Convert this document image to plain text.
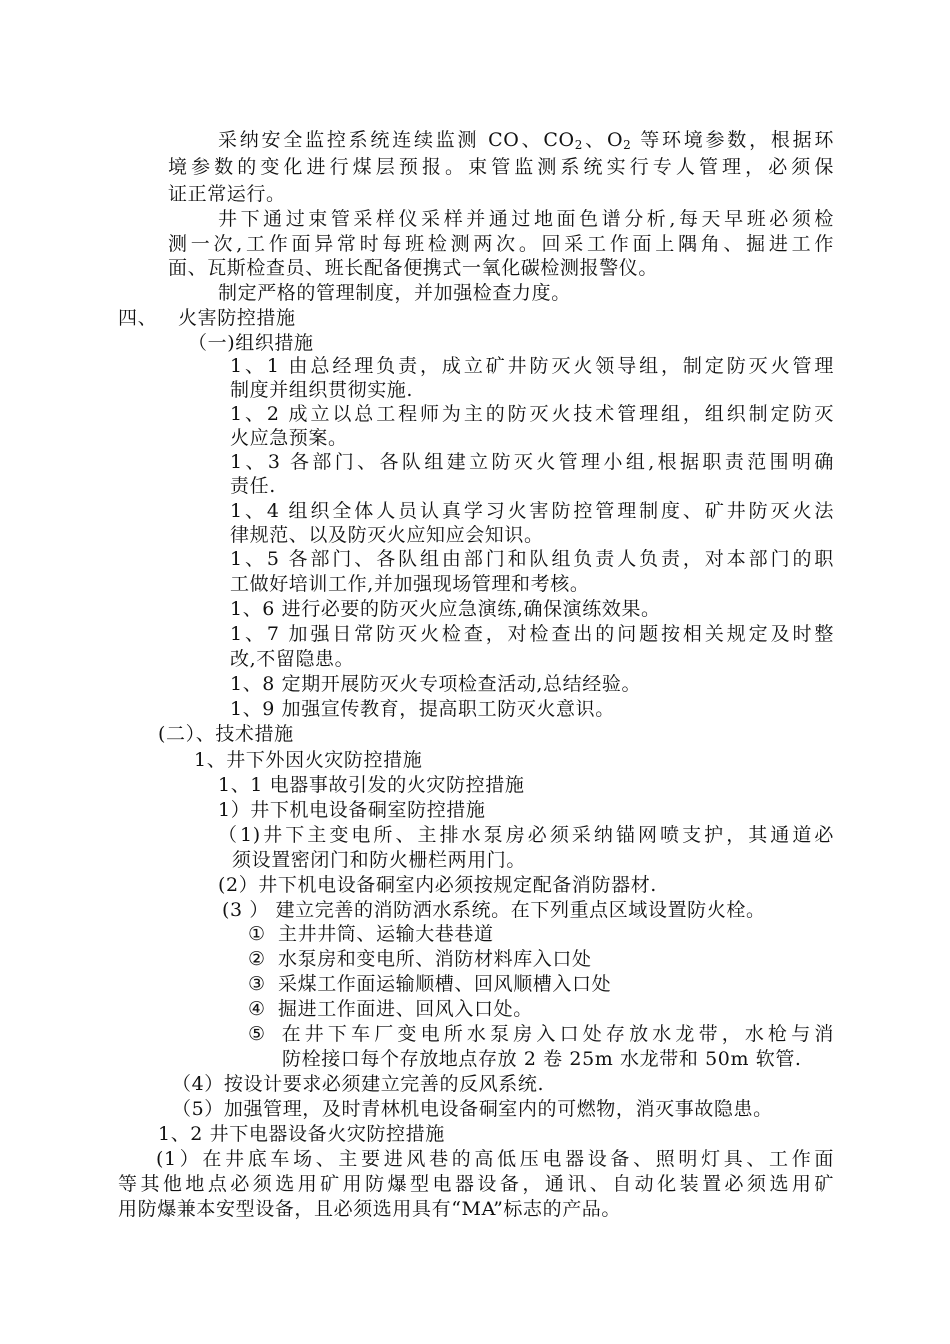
采纳安全监控系统连续监测 CO、$CO_2$、$O_2$ 等环境参数，根据环
境参数的变化进行煤层预报。束管监测系统实行专人管理，必须保
证正常运行。
井下通过束管采样仪采样并通过地面色谱分析,每天早班必须检
测一次,工作面异常时每班检测两次。回采工作面上隅角、掘进工作
面、瓦斯检查员、班长配备便携式一氧化碳检测报警仪。
制定严格的管理制度，并加强检查力度。
四、 火害防控措施
（一)组织措施
1、1 由总经理负责，成立矿井防灭火领导组，制定防灭火管理
制度并组织贯彻实施.
1、2 成立以总工程师为主的防灭火技术管理组，组织制定防灭
火应急预案。
1、3 各部门、各队组建立防灭火管理小组,根据职责范围明确
责任.
1、4 组织全体人员认真学习火害防控管理制度、矿井防灭火法
律规范、以及防灭火应知应会知识。
1、5 各部门、各队组由部门和队组负责人负责，对本部门的职
工做好培训工作,并加强现场管理和考核。
1、6 进行必要的防灭火应急演练,确保演练效果。
1、7 加强日常防灭火检查，对检查出的问题按相关规定及时整
改,不留隐患。
1、8 定期开展防灭火专项检查活动,总结经验。
1、9 加强宣传教育，提高职工防灭火意识。
(二）、技术措施
1、井下外因火灾防控措施
1、1 电器事故引发的火灾防控措施
1）井下机电设备硐室防控措施
（1)井下主变电所、主排水泵房必须采纳锚网喷支护，其通道必
须设置密闭门和防火栅栏两用门。
(2）井下机电设备硐室内必须按规定配备消防器材.
(3 ） 建立完善的消防洒水系统。在下列重点区域设置防火栓。
① 主井井筒、运输大巷巷道
② 水泵房和变电所、消防材料库入口处
③ 采煤工作面运输顺槽、回风顺槽入口处
④ 掘进工作面进、回风入口处。
⑤ 在井下车厂变电所水泵房入口处存放水龙带，水枪与消
防栓接口每个存放地点存放 2 卷 25m 水龙带和 50m 软管.
（4）按设计要求必须建立完善的反风系统.
（5）加强管理，及时青林机电设备硐室内的可燃物，消灭事故隐患。
1、2 井下电器设备火灾防控措施
(1）在井底车场、主要进风巷的高低压电器设备、照明灯具、工作面
等其他地点必须选用矿用防爆型电器设备，通讯、自动化装置必须选用矿
用防爆兼本安型设备，且必须选用具有“MA”标志的产品。
